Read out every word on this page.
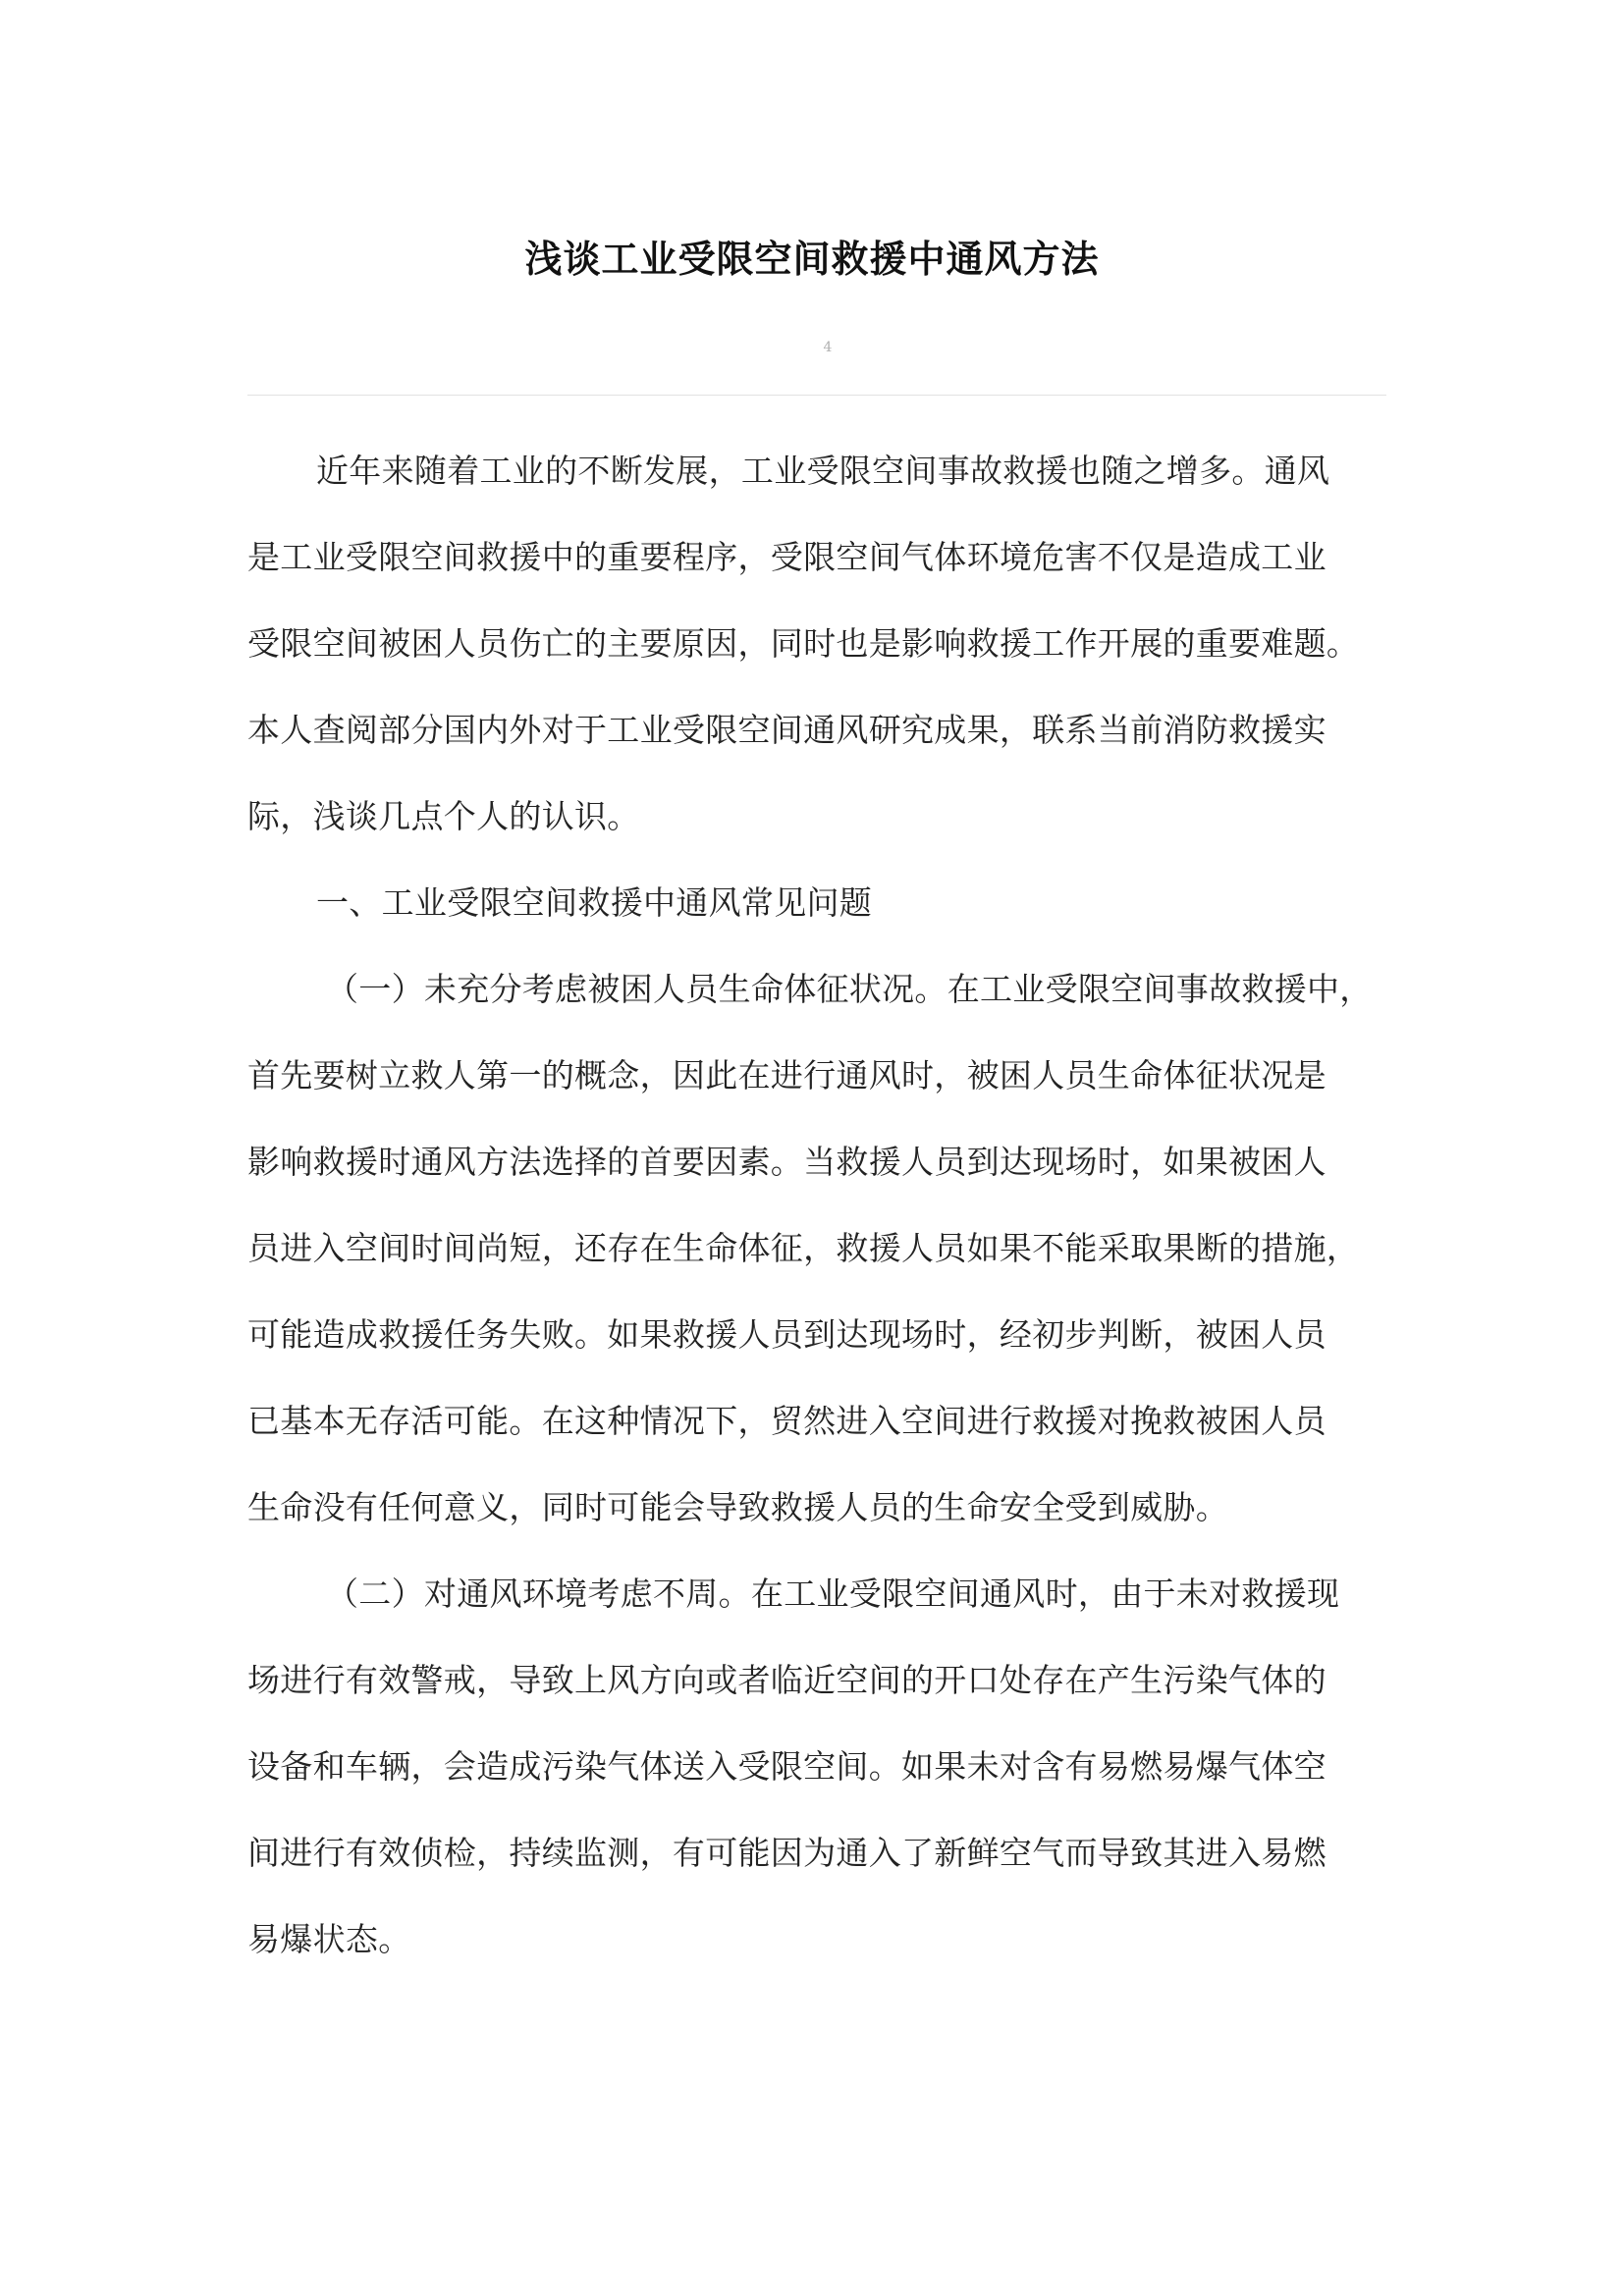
浅谈工业受限空间救援中通风方法
4

近年来随着工业的不断发展，工业受限空间事故救援也随之增多。通风
是工业受限空间救援中的重要程序，受限空间气体环境危害不仅是造成工业
受限空间被困人员伤亡的主要原因，同时也是影响救援工作开展的重要难题。
本人查阅部分国内外对于工业受限空间通风研究成果，联系当前消防救援实
际，浅谈几点个人的认识。

一、工业受限空间救援中通风常见问题

（一）未充分考虑被困人员生命体征状况。在工业受限空间事故救援中，
首先要树立救人第一的概念，因此在进行通风时，被困人员生命体征状况是
影响救援时通风方法选择的首要因素。当救援人员到达现场时，如果被困人
员进入空间时间尚短，还存在生命体征，救援人员如果不能采取果断的措施，
可能造成救援任务失败。如果救援人员到达现场时，经初步判断，被困人员
已基本无存活可能。在这种情况下，贸然进入空间进行救援对挽救被困人员
生命没有任何意义，同时可能会导致救援人员的生命安全受到威胁。

（二）对通风环境考虑不周。在工业受限空间通风时，由于未对救援现
场进行有效警戒，导致上风方向或者临近空间的开口处存在产生污染气体的
设备和车辆，会造成污染气体送入受限空间。如果未对含有易燃易爆气体空
间进行有效侦检，持续监测，有可能因为通入了新鲜空气而导致其进入易燃
易爆状态。
